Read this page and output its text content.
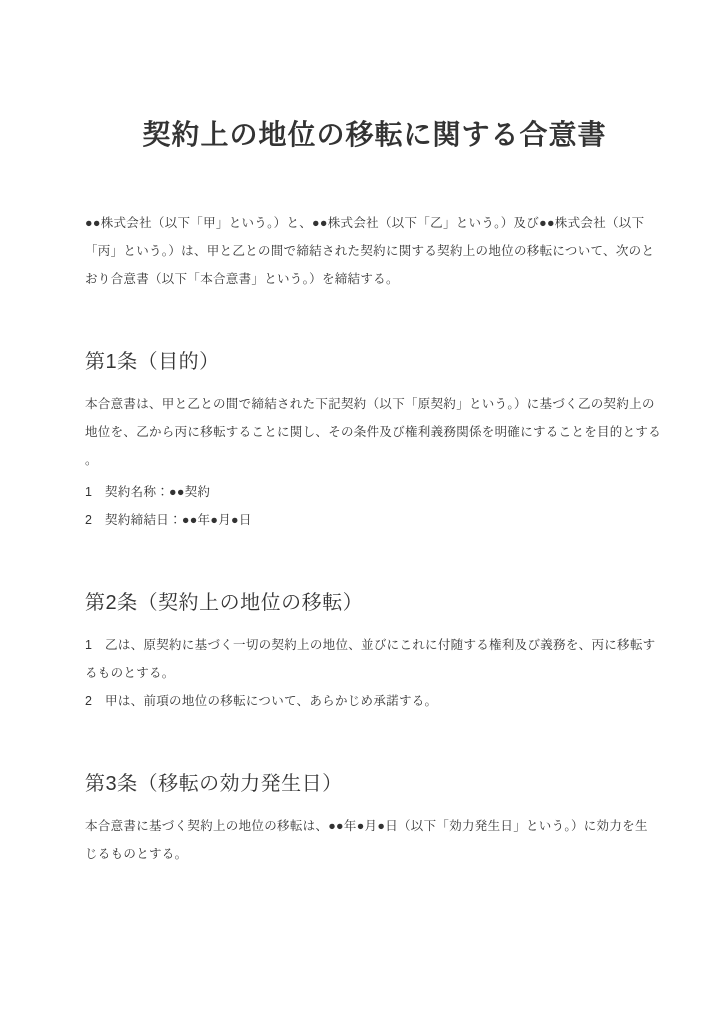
契約上の地位の移転に関する合意書
●●株式会社（以下「甲」という。）と、●●株式会社（以下「乙」という。）及び●●株式会社（以下
「丙」という。）は、甲と乙との間で締結された契約に関する契約上の地位の移転について、次のと
おり合意書（以下「本合意書」という。）を締結する。
第1条（目的）
本合意書は、甲と乙との間で締結された下記契約（以下「原契約」という。）に基づく乙の契約上の
地位を、乙から丙に移転することに関し、その条件及び権利義務関係を明確にすることを目的とする
。
1　契約名称：●●契約
2　契約締結日：●●年●月●日
第2条（契約上の地位の移転）
1　乙は、原契約に基づく一切の契約上の地位、並びにこれに付随する権利及び義務を、丙に移転す
るものとする。
2　甲は、前項の地位の移転について、あらかじめ承諾する。
第3条（移転の効力発生日）
本合意書に基づく契約上の地位の移転は、●●年●月●日（以下「効力発生日」という。）に効力を生
じるものとする。
